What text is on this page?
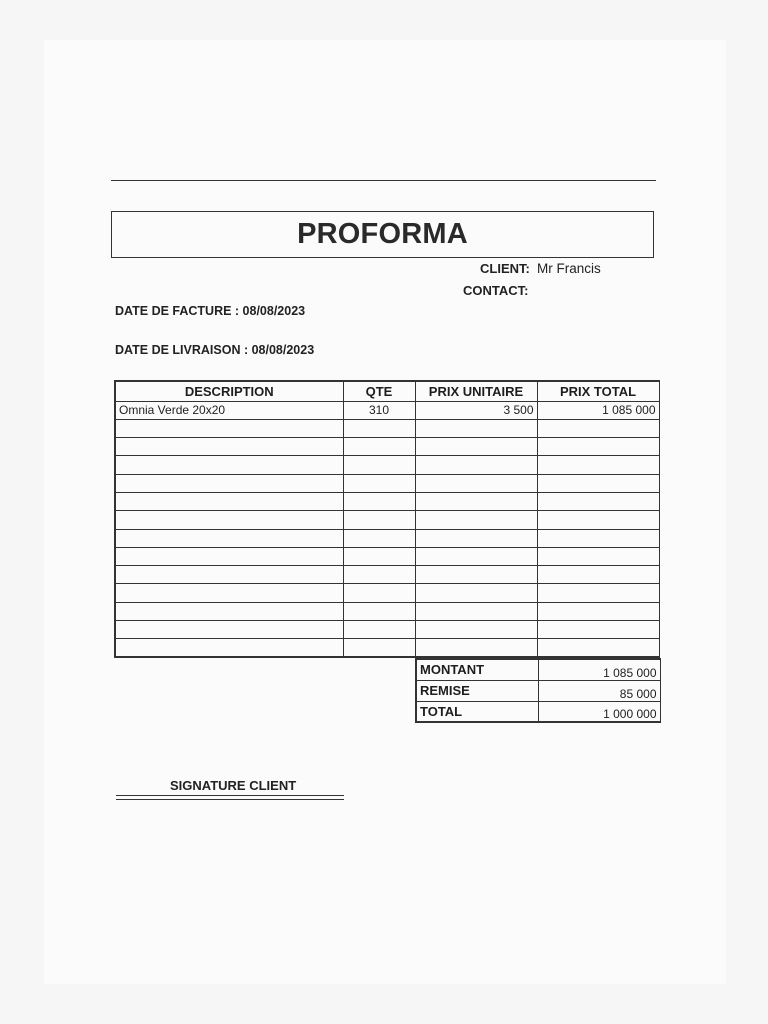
PROFORMA
CLIENT: Mr Francis
CONTACT:
DATE DE FACTURE : 08/08/2023
DATE DE LIVRAISON : 08/08/2023
DESCRIPTION	QTE	PRIX UNITAIRE	PRIX TOTAL
Omnia Verde 20x20	310	3 500	1 085 000

MONTANT	1 085 000
REMISE	85 000
TOTAL	1 000 000
SIGNATURE CLIENT
